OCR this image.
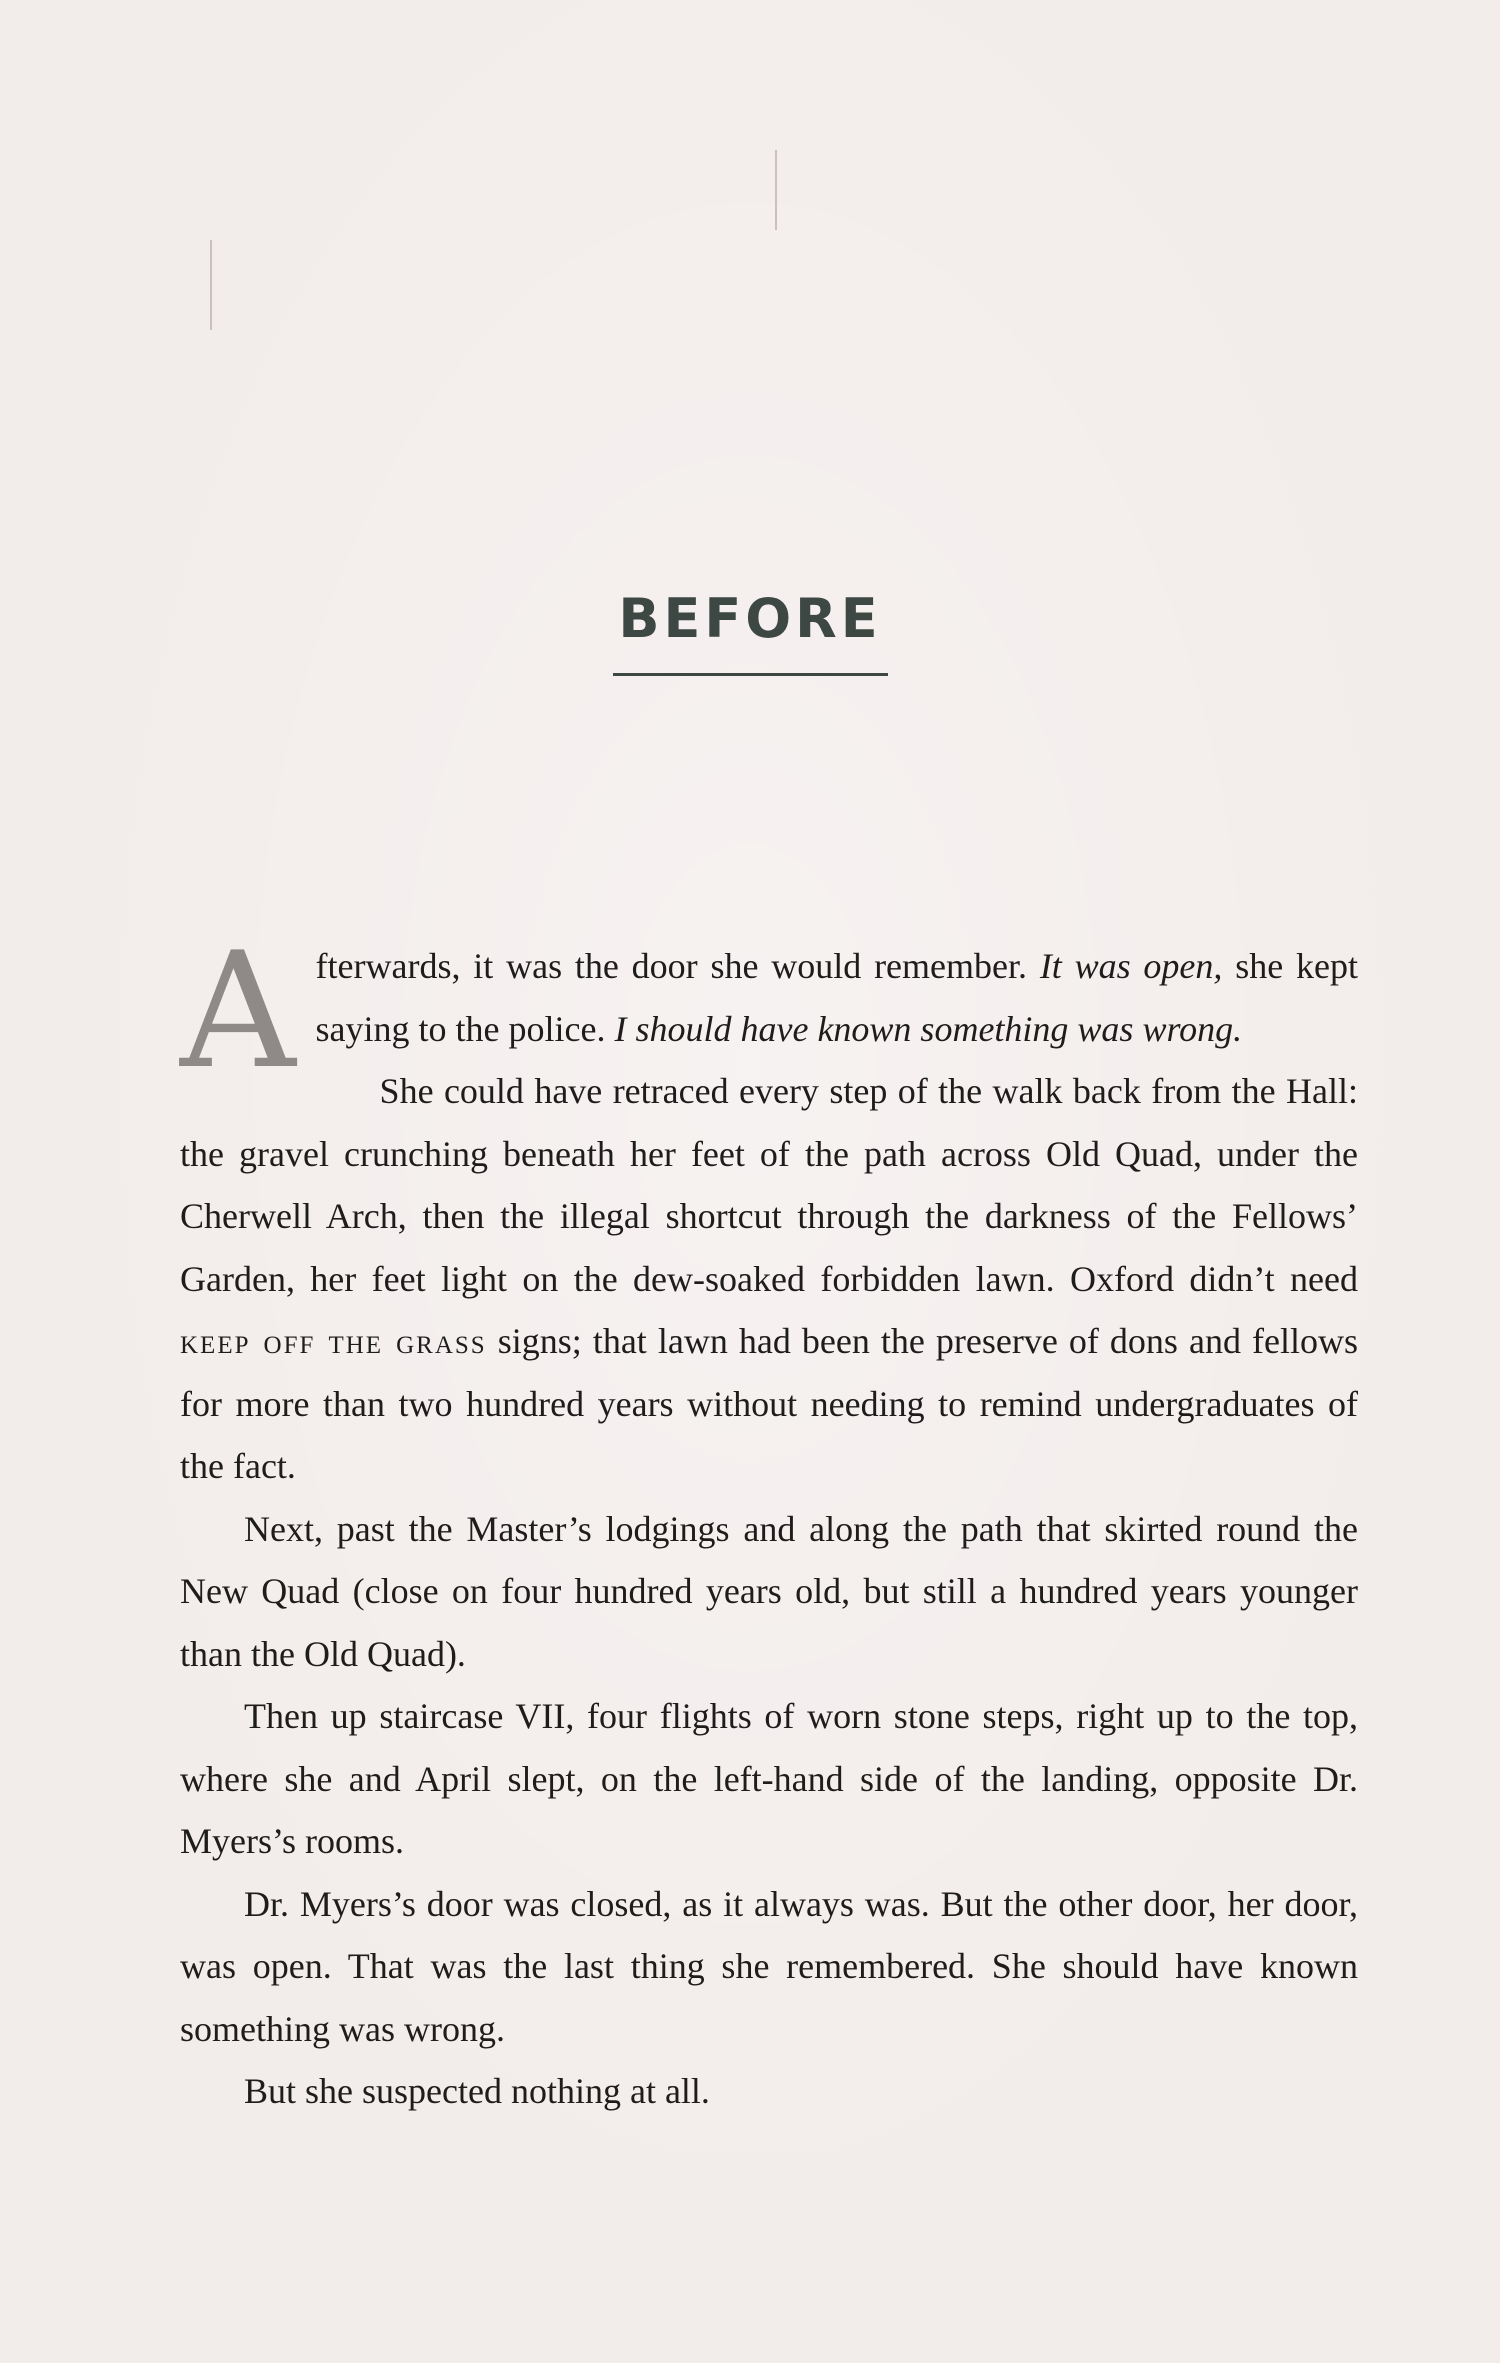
BEFORE

Afterwards, it was the door she would remember. It was open, she kept saying to the police. I should have known something was wrong.

She could have retraced every step of the walk back from the Hall: the gravel crunching beneath her feet of the path across Old Quad, under the Cherwell Arch, then the illegal shortcut through the darkness of the Fellows’ Garden, her feet light on the dew-soaked forbidden lawn. Oxford didn’t need keep off the grass signs; that lawn had been the preserve of dons and fellows for more than two hundred years without needing to remind undergraduates of the fact.

Next, past the Master’s lodgings and along the path that skirted round the New Quad (close on four hundred years old, but still a hundred years younger than the Old Quad).

Then up staircase VII, four flights of worn stone steps, right up to the top, where she and April slept, on the left-hand side of the landing, opposite Dr. Myers’s rooms.

Dr. Myers’s door was closed, as it always was. But the other door, her door, was open. That was the last thing she remembered. She should have known something was wrong.

But she suspected nothing at all.
